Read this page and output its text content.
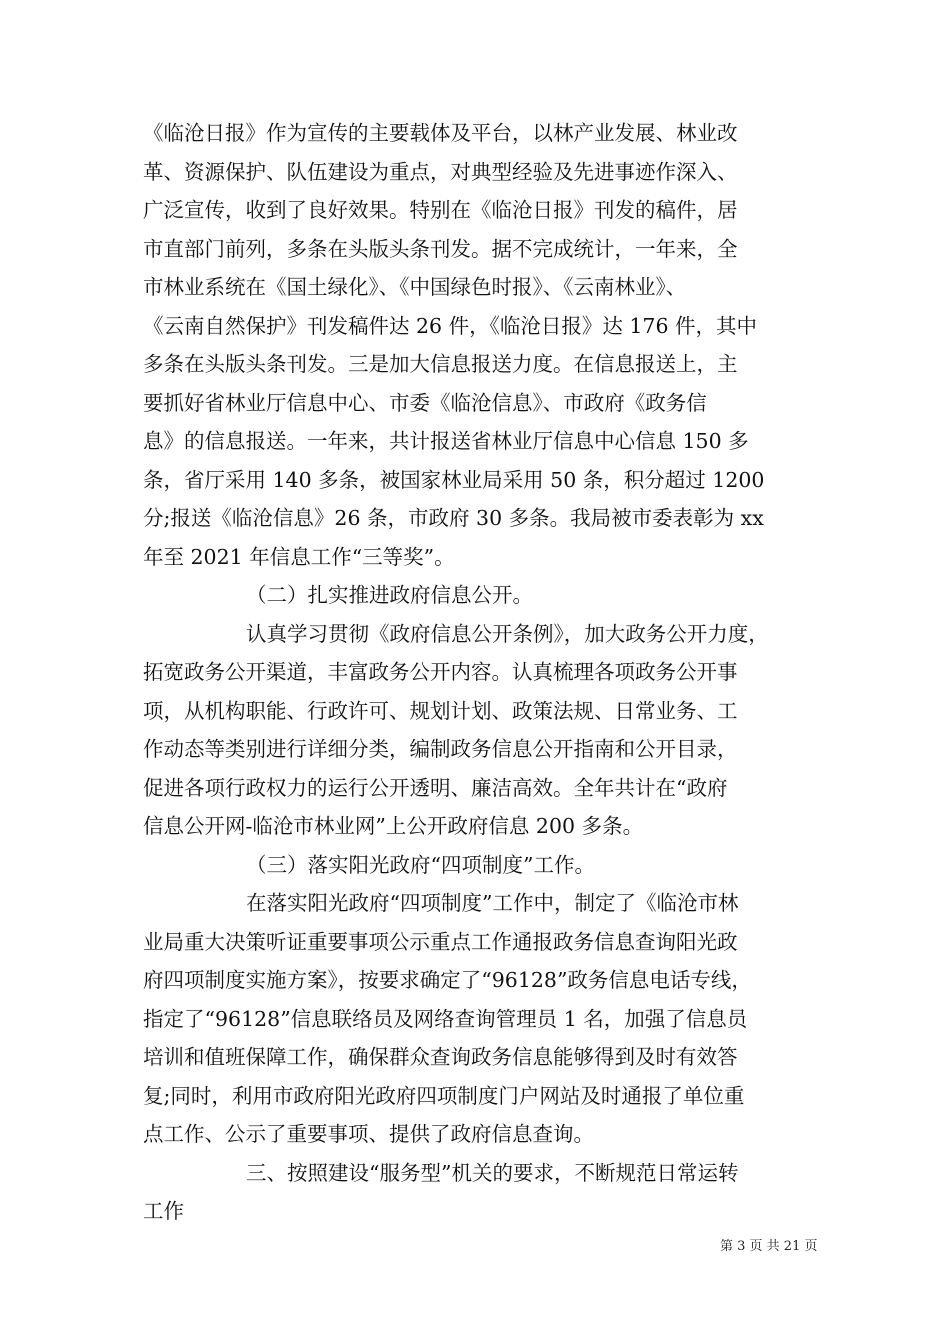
《临沧日报》作为宣传的主要载体及平台，以林产业发展、林业改
革、资源保护、队伍建设为重点，对典型经验及先进事迹作深入、
广泛宣传，收到了良好效果。特别在《临沧日报》刊发的稿件，居
市直部门前列，多条在头版头条刊发。据不完成统计，一年来，全
市林业系统在《国土绿化》、《中国绿色时报》、《云南林业》、
《云南自然保护》刊发稿件达 26 件，《临沧日报》达 176 件，其中
多条在头版头条刊发。三是加大信息报送力度。在信息报送上，主
要抓好省林业厅信息中心、市委《临沧信息》、市政府《政务信
息》的信息报送。一年来，共计报送省林业厅信息中心信息 150 多
条，省厅采用 140 多条，被国家林业局采用 50 条，积分超过 1200
分;报送《临沧信息》26 条，市政府 30 多条。我局被市委表彰为 xx
年至 2021 年信息工作“三等奖”。
（二）扎实推进政府信息公开。
认真学习贯彻《政府信息公开条例》，加大政务公开力度，
拓宽政务公开渠道，丰富政务公开内容。认真梳理各项政务公开事
项，从机构职能、行政许可、规划计划、政策法规、日常业务、工
作动态等类别进行详细分类，编制政务信息公开指南和公开目录，
促进各项行政权力的运行公开透明、廉洁高效。全年共计在“政府
信息公开网-临沧市林业网”上公开政府信息 200 多条。
（三）落实阳光政府“四项制度”工作。
在落实阳光政府“四项制度”工作中，制定了《临沧市林
业局重大决策听证重要事项公示重点工作通报政务信息查询阳光政
府四项制度实施方案》，按要求确定了“96128”政务信息电话专线，
指定了“96128”信息联络员及网络查询管理员 1 名，加强了信息员
培训和值班保障工作，确保群众查询政务信息能够得到及时有效答
复;同时，利用市政府阳光政府四项制度门户网站及时通报了单位重
点工作、公示了重要事项、提供了政府信息查询。
三、按照建设“服务型”机关的要求，不断规范日常运转
工作
第 3 页 共 21 页
